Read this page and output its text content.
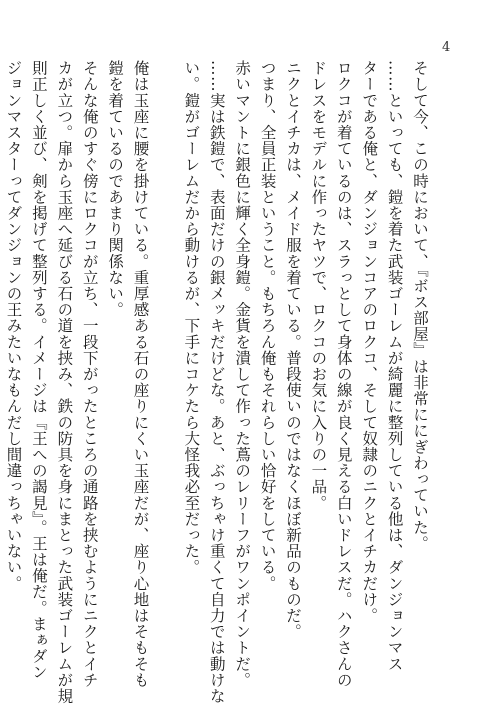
4
そして今、この時において、『ボス部屋』は非常ににぎわっていた。
……といっても、鎧を着た武装ゴーレムが綺麗に整列している他は、ダンジョンマス
ターである俺と、ダンジョンコアのロクコ、そして奴隷のニクとイチカだけ。
ロクコが着ているのは、スラっとして身体の線が良く見える白いドレスだ。ハクさんの
ドレスをモデルに作ったヤツで、ロクコのお気に入りの一品。
ニクとイチカは、メイド服を着ている。普段使いのではなくほぼ新品のものだ。
つまり、全員正装ということ。もちろん俺もそれらしい恰好をしている。
赤いマントに銀色に輝く全身鎧。金貨を潰して作った蔦のレリーフがワンポイントだ。
……実は鉄鎧で、表面だけの銀メッキだけどな。あと、ぶっちゃけ重くて自力では動けな
い。鎧がゴーレムだから動けるが、下手にコケたら大怪我必至だった。
俺は玉座に腰を掛けている。重厚感ある石の座りにくい玉座だが、座り心地はそもそも
鎧を着ているのであまり関係ない。
そんな俺のすぐ傍にロクコが立ち、一段下がったところの通路を挟むようにニクとイチ
カが立つ。扉から玉座へ延びる石の道を挟み、鉄の防具を身にまとった武装ゴーレムが規
則正しく並び、剣を掲げて整列する。イメージは『王への謁見』。王は俺だ。まぁダン
ジョンマスターってダンジョンの王みたいなもんだし間違っちゃいない。
